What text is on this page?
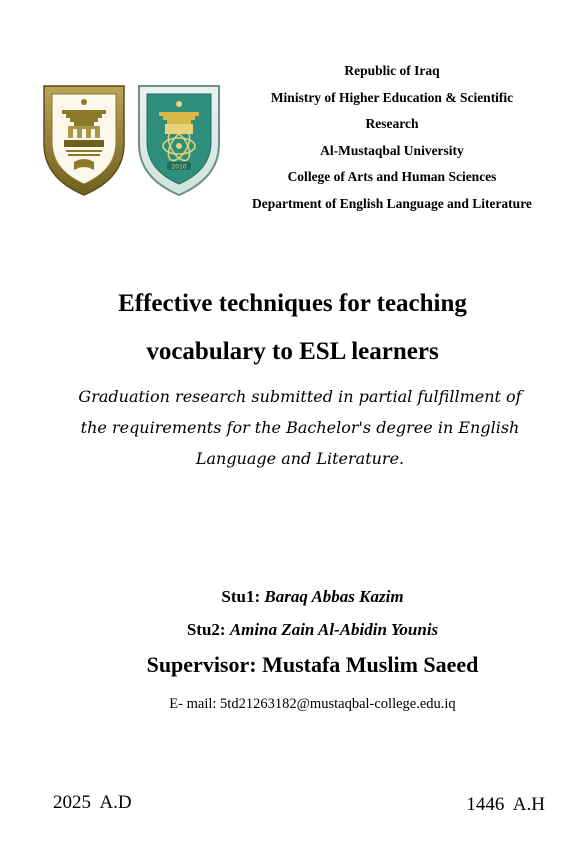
2010
Republic of Iraq
Ministry of Higher Education & Scientific
Research
Al-Mustaqbal University
College of Arts and Human Sciences
Department of English Language and Literature
Effective techniques for teaching
vocabulary to ESL learners
Graduation research submitted in partial fulfillment of
the requirements for the Bachelor's degree in English
Language and Literature.
Stu1: Baraq Abbas Kazim
Stu2: Amina Zain Al-Abidin Younis
Supervisor: Mustafa Muslim Saeed
E- mail: 5td21263182@mustaqbal-college.edu.iq
2025  A.D	1446  A.H
